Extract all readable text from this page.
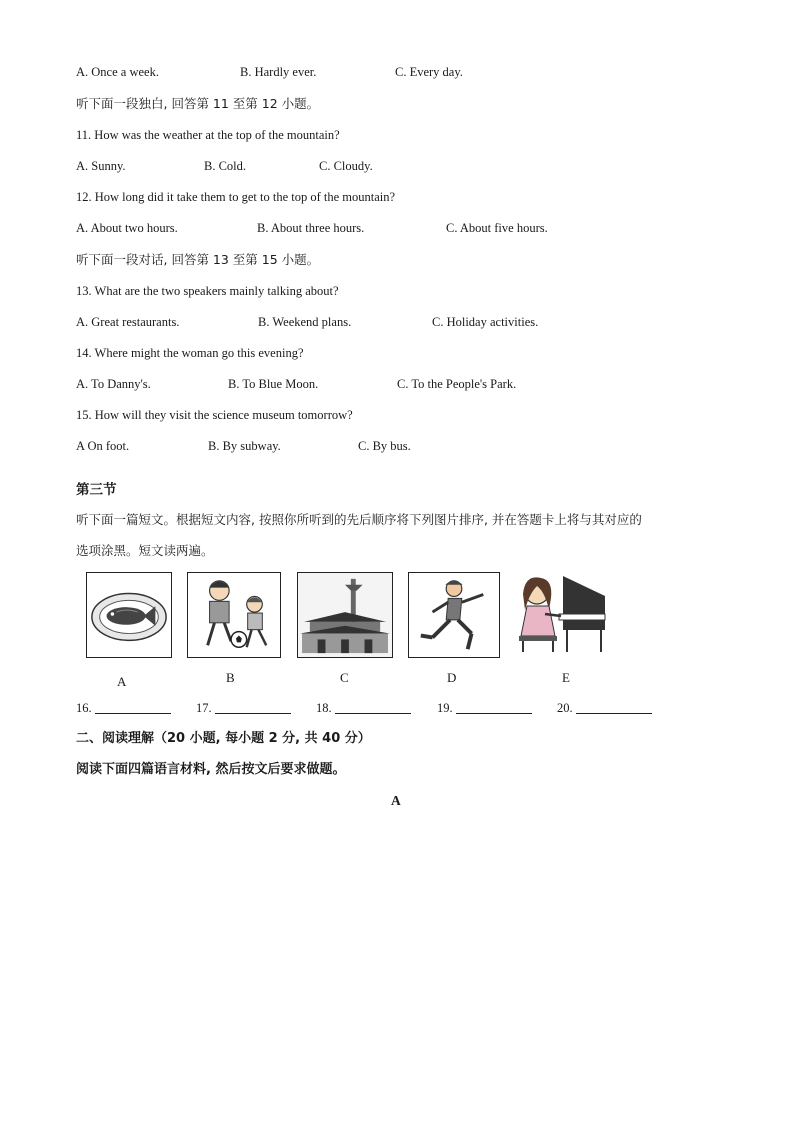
A. Once a week.	B. Hardly ever.	C. Every day.
听下面一段独白, 回答第 11 至第 12 小题。
11. How was the weather at the top of the mountain?
A. Sunny.	B. Cold.	C. Cloudy.
12. How long did it take them to get to the top of the mountain?
A. About two hours.	B. About three hours.	C. About five hours.
听下面一段对话, 回答第 13 至第 15 小题。
13. What are the two speakers mainly talking about?
A. Great restaurants.	B. Weekend plans.	C. Holiday activities.
14. Where might the woman go this evening?
A. To Danny's.	B. To Blue Moon.	C. To the People's Park.
15. How will they visit the science museum tomorrow?
A On foot.	B. By subway.	C. By bus.
第三节
听下面一篇短文。根据短文内容, 按照你所听到的先后顺序将下列图片排序, 并在答题卡上将与其对应的
选项涂黑。短文读两遍。
A	B	C	D	E
16.	17.	18.	19.	20.
二、阅读理解（20 小题, 每小题 2 分, 共 40 分）
阅读下面四篇语言材料, 然后按文后要求做题。
A
